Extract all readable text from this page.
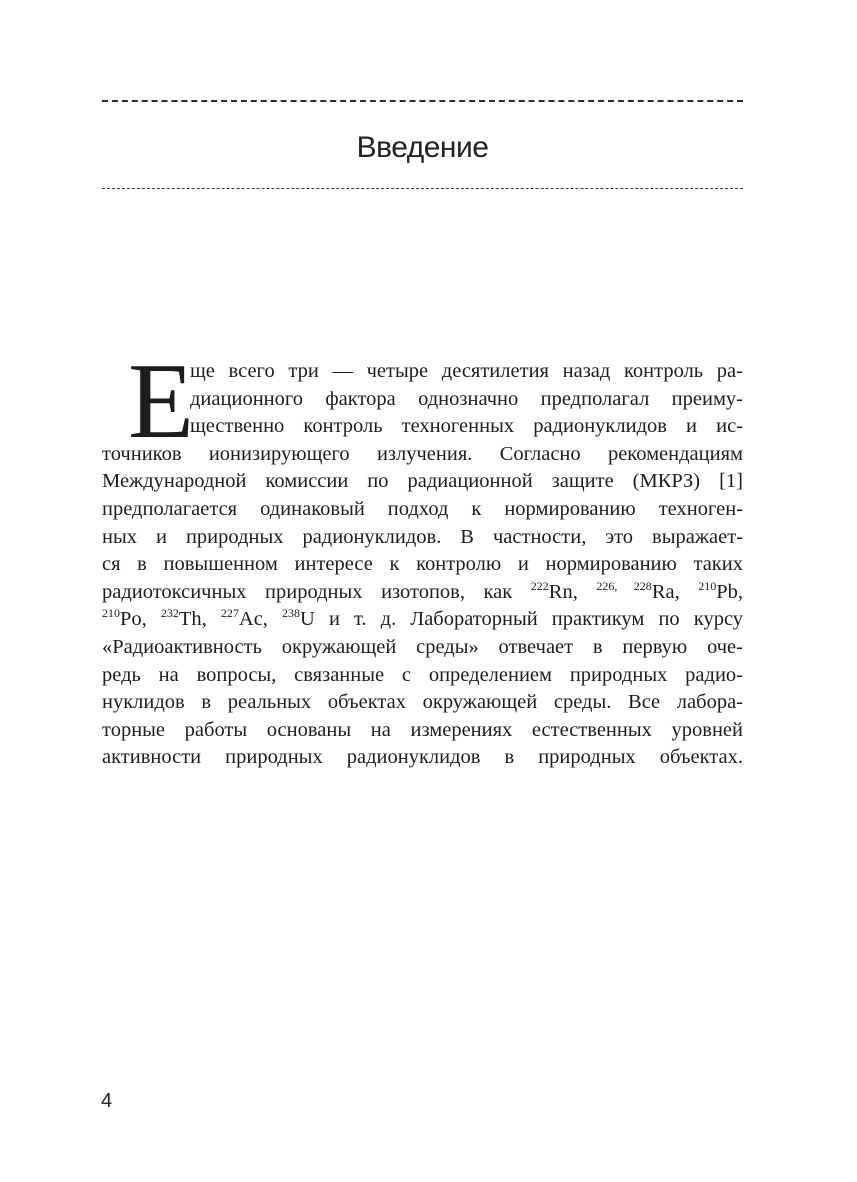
Введение
Е
ще всего три — четыре десятилетия назад контроль ра-
диационного фактора однозначно предполагал преиму-
щественно контроль техногенных радионуклидов и ис-
точников ионизирующего излучения. Согласно рекомендациям
Международной комиссии по радиационной защите (МКРЗ) [1]
предполагается одинаковый подход к нормированию техноген-
ных и природных радионуклидов. В частности, это выражает-
ся в повышенном интересе к контролю и нормированию таких
радиотоксичных природных изотопов, как $^{222}$Rn, $^{226, 228}$Ra, $^{210}$Pb,
$^{210}$Po, $^{232}$Th, $^{227}$Ac, $^{238}$U и т. д. Лабораторный практикум по курсу
«Радиоактивность окружающей среды» отвечает в первую оче-
редь на вопросы, связанные с определением природных радио-
нуклидов в реальных объектах окружающей среды. Все лабора-
торные работы основаны на измерениях естественных уровней
активности природных радионуклидов в природных объектах.
4
